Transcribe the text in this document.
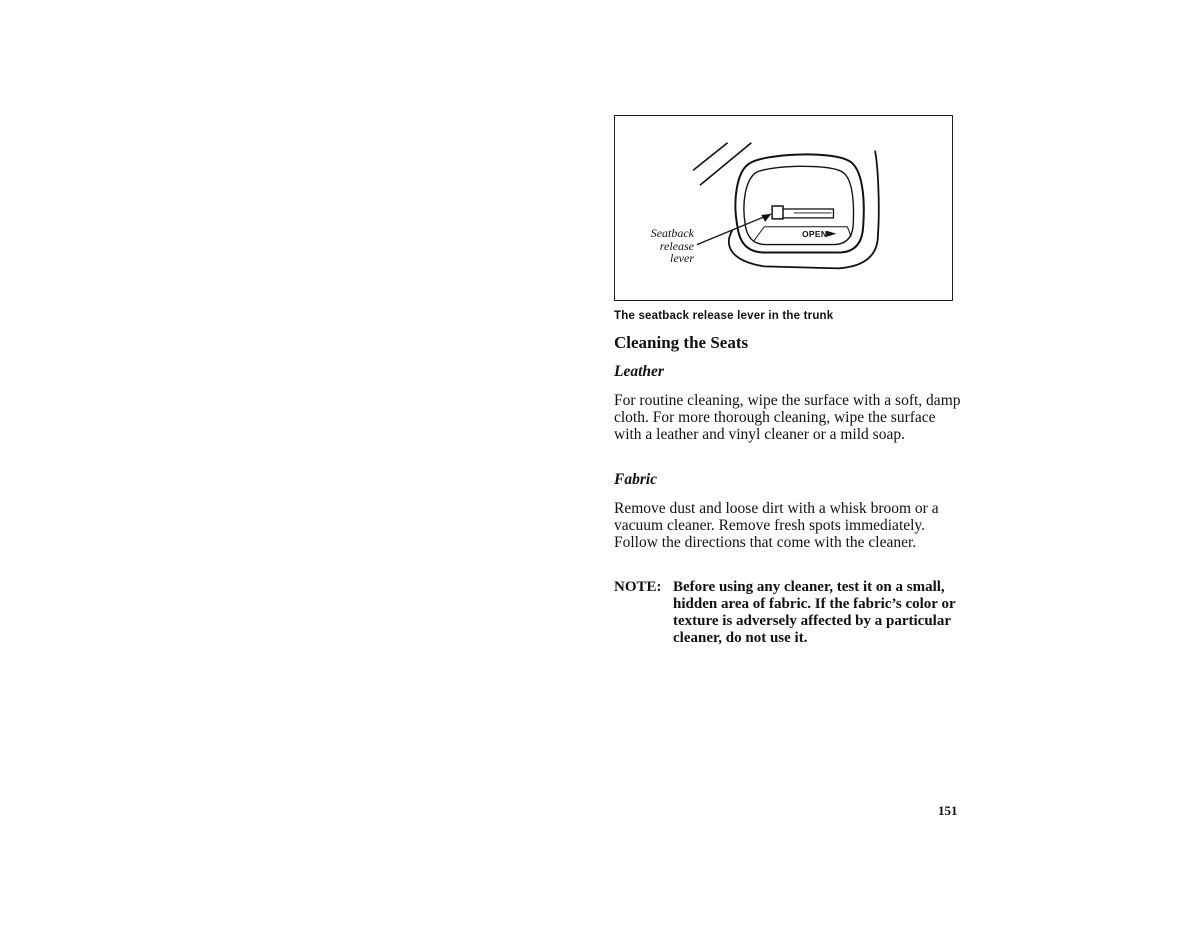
Seatback
release
lever
OPEN
The seatback release lever in the trunk
Cleaning the Seats
Leather

For routine cleaning, wipe the surface with a soft, damp cloth. For more thorough cleaning, wipe the surface with a leather and vinyl cleaner or a mild soap.

Fabric

Remove dust and loose dirt with a whisk broom or a vacuum cleaner. Remove fresh spots immediately. Follow the directions that come with the cleaner.

NOTE: Before using any cleaner, test it on a small, hidden area of fabric. If the fabric’s color or texture is adversely affected by a particular cleaner, do not use it.
151
